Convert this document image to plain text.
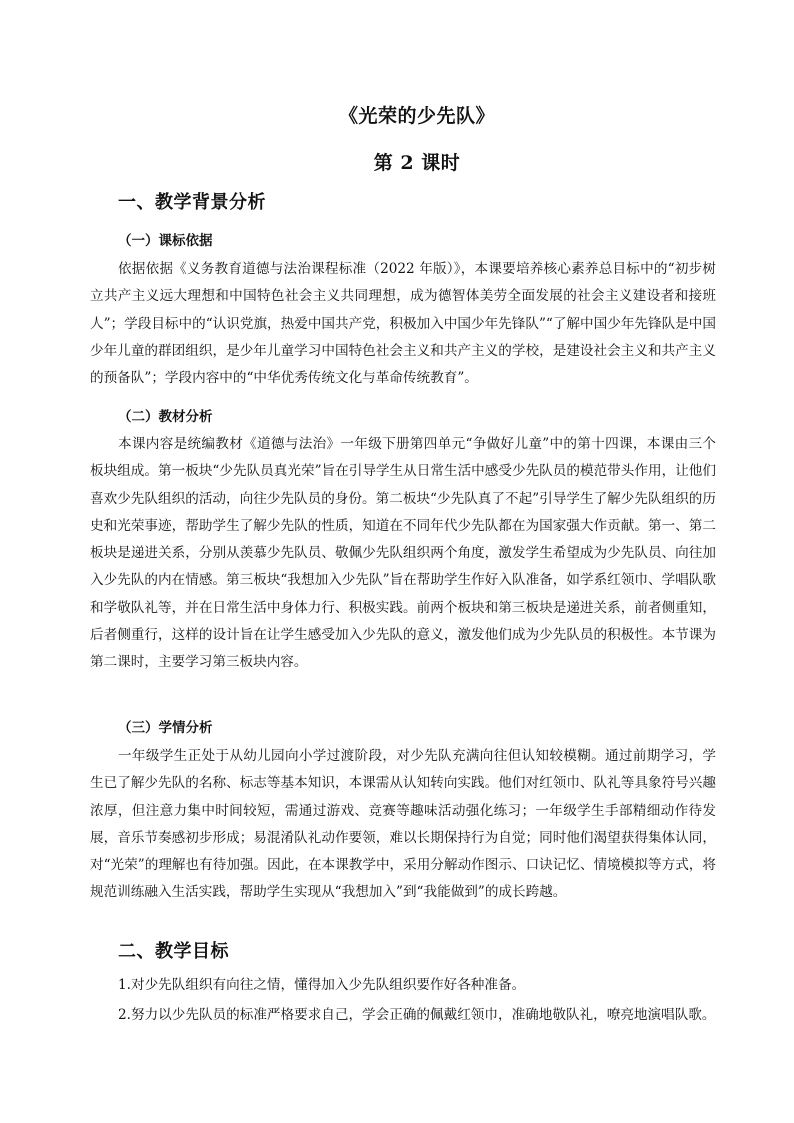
《光荣的少先队》
第 2 课时
一、教学背景分析
（一）课标依据

依据依据《义务教育道德与法治课程标准（2022 年版）》，本课要培养核心素养总目标中的“初步树立共产主义远大理想和中国特色社会主义共同理想，成为德智体美劳全面发展的社会主义建设者和接班人”；学段目标中的“认识党旗，热爱中国共产党，积极加入中国少年先锋队”“了解中国少年先锋队是中国少年儿童的群团组织，是少年儿童学习中国特色社会主义和共产主义的学校，是建设社会主义和共产主义的预备队”；学段内容中的“中华优秀传统文化与革命传统教育”。

（二）教材分析

本课内容是统编教材《道德与法治》一年级下册第四单元“争做好儿童”中的第十四课，本课由三个板块组成。第一板块“少先队员真光荣”旨在引导学生从日常生活中感受少先队员的模范带头作用，让他们喜欢少先队组织的活动，向往少先队员的身份。第二板块“少先队真了不起”引导学生了解少先队组织的历史和光荣事迹，帮助学生了解少先队的性质，知道在不同年代少先队都在为国家强大作贡献。第一、第二板块是递进关系，分别从羡慕少先队员、敬佩少先队组织两个角度，激发学生希望成为少先队员、向往加入少先队的内在情感。第三板块“我想加入少先队”旨在帮助学生作好入队准备，如学系红领巾、学唱队歌和学敬队礼等，并在日常生活中身体力行、积极实践。前两个板块和第三板块是递进关系，前者侧重知，后者侧重行，这样的设计旨在让学生感受加入少先队的意义，激发他们成为少先队员的积极性。本节课为第二课时，主要学习第三板块内容。

（三）学情分析

一年级学生正处于从幼儿园向小学过渡阶段，对少先队充满向往但认知较模糊。通过前期学习，学生已了解少先队的名称、标志等基本知识，本课需从认知转向实践。他们对红领巾、队礼等具象符号兴趣浓厚，但注意力集中时间较短，需通过游戏、竞赛等趣味活动强化练习；一年级学生手部精细动作待发展，音乐节奏感初步形成；易混淆队礼动作要领，难以长期保持行为自觉；同时他们渴望获得集体认同，对“光荣”的理解也有待加强。因此，在本课教学中，采用分解动作图示、口诀记忆、情境模拟等方式，将规范训练融入生活实践，帮助学生实现从“我想加入”到“我能做到”的成长跨越。

二、教学目标

1.对少先队组织有向往之情，懂得加入少先队组织要作好各种准备。

2.努力以少先队员的标准严格要求自己，学会正确的佩戴红领巾，准确地敬队礼，嘹亮地演唱队歌。
